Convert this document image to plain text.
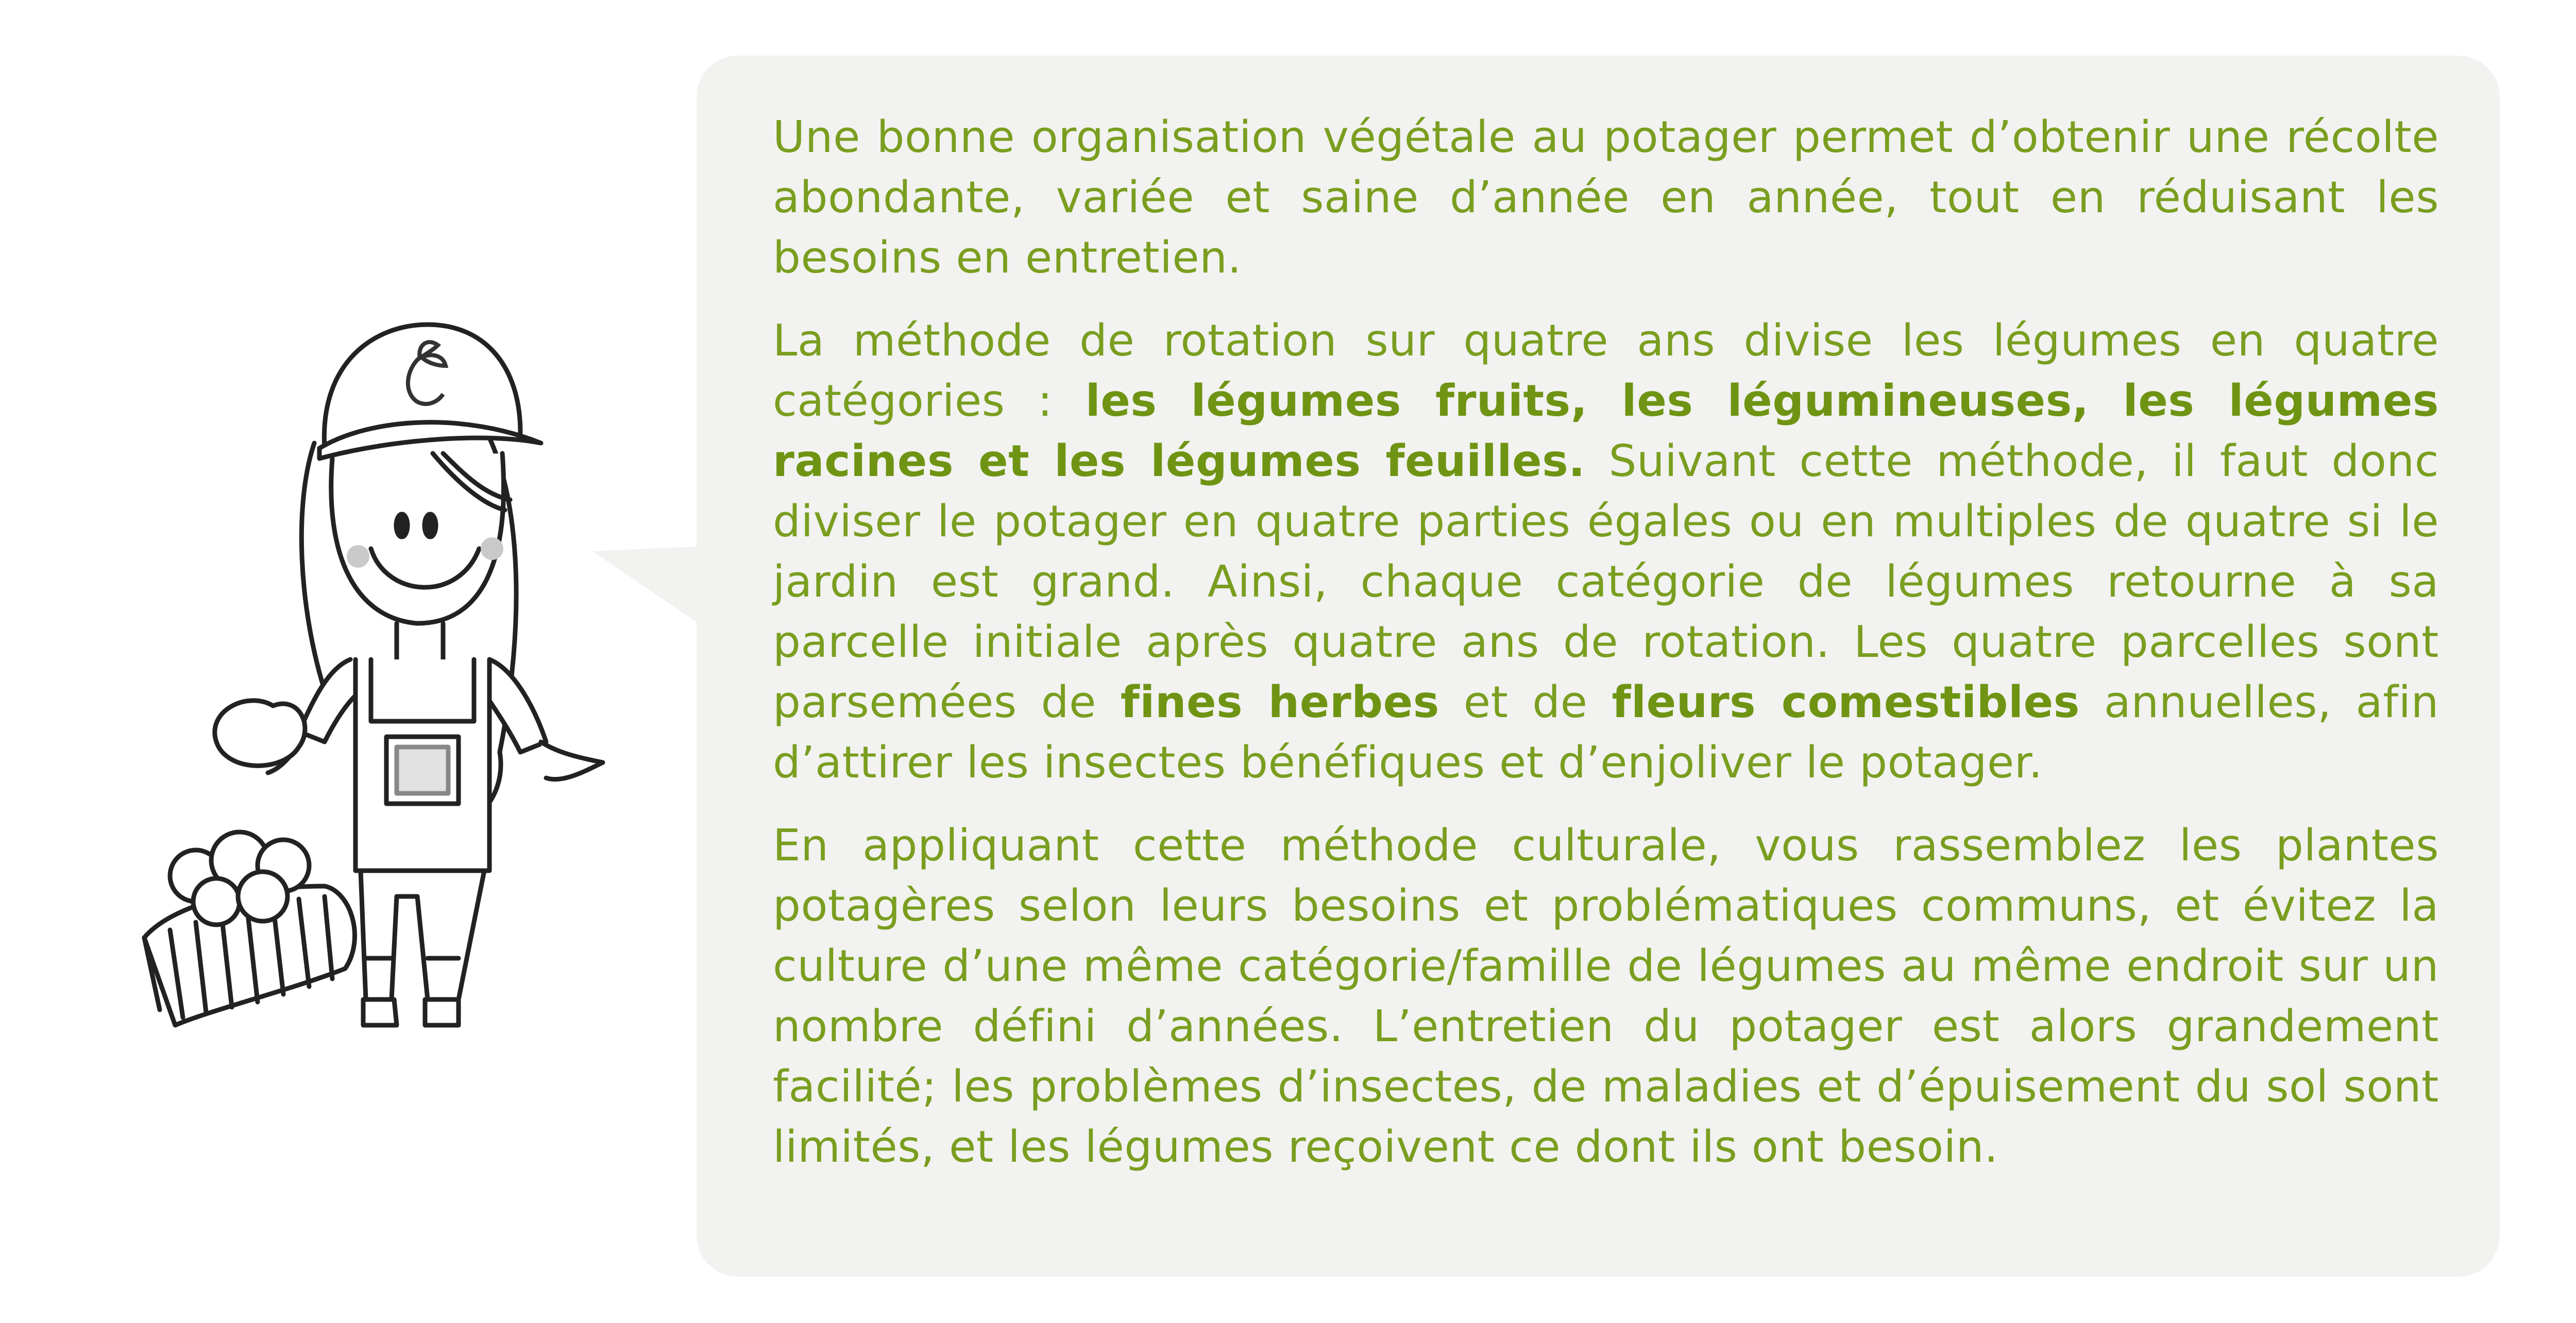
Une bonne organisation végétale au potager permet d’obtenir une récolte abondante, variée et saine d’année en année, tout en réduisant les besoins en entretien.

La méthode de rotation sur quatre ans divise les légumes en quatre catégories : les légumes fruits, les légumineuses, les légumes racines et les légumes feuilles. Suivant cette méthode, il faut donc diviser le potager en quatre parties égales ou en multiples de quatre si le jardin est grand. Ainsi, chaque catégorie de légumes retourne à sa parcelle initiale après quatre ans de rotation. Les quatre parcelles sont parsemées de fines herbes et de fleurs comestibles annuelles, afin d’attirer les insectes bénéfiques et d’enjoliver le potager.

En appliquant cette méthode culturale, vous rassemblez les plantes potagères selon leurs besoins et problématiques communs, et évitez la culture d’une même catégorie/famille de légumes au même endroit sur un nombre défini d’années. L’entretien du potager est alors grandement facilité; les problèmes d’insectes, de maladies et d’épuisement du sol sont limités, et les légumes reçoivent ce dont ils ont besoin.
